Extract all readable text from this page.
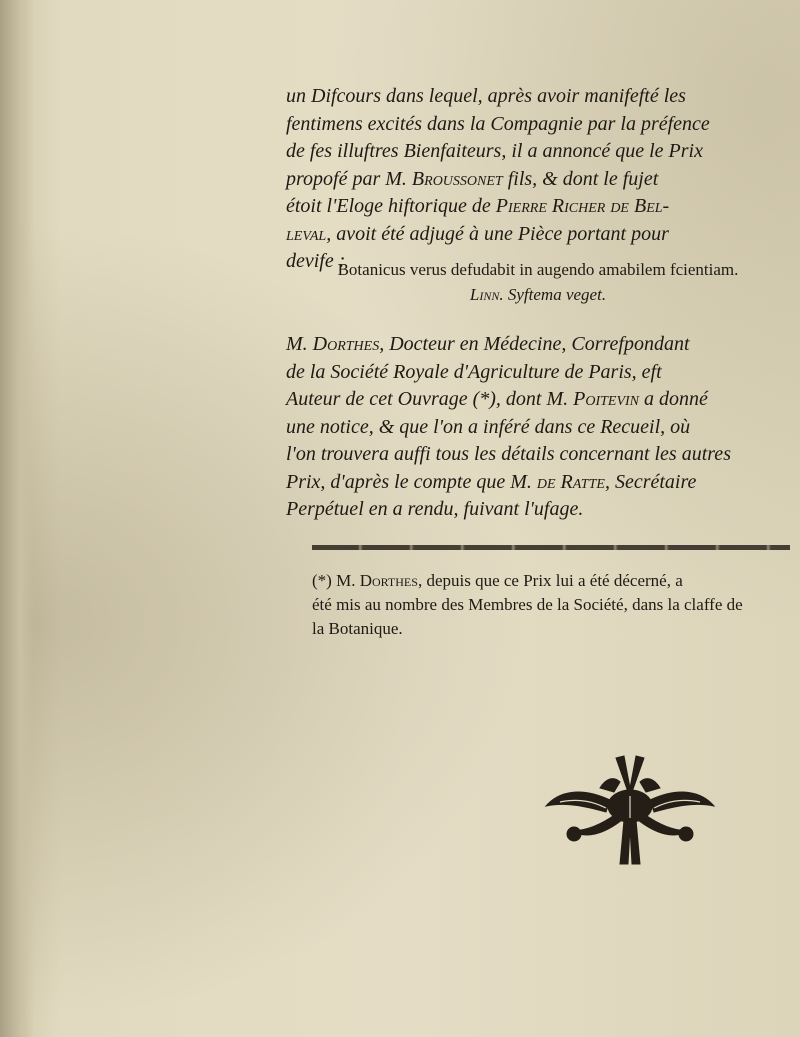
un Difcours dans lequel, après avoir manifefté les
fentimens excités dans la Compagnie par la préfence
de fes illuftres Bienfaiteurs, il a annoncé que le Prix
propofé par M. Broussonet fils, & dont le fujet
étoit l'Eloge hiftorique de Pierre Richer de Bel-
leval, avoit été adjugé à une Pièce portant pour
devife :

Botanicus verus defudabit in augendo amabilem fcientiam.
Linn. Syftema veget.

M. Dorthes, Docteur en Médecine, Correfpondant
de la Société Royale d'Agriculture de Paris, eft
Auteur de cet Ouvrage (*), dont M. Poitevin a donné
une notice, & que l'on a inféré dans ce Recueil, où
l'on trouvera auffi tous les détails concernant les autres
Prix, d'après le compte que M. de Ratte, Secrétaire
Perpétuel en a rendu, fuivant l'ufage.

(*) M. Dorthes, depuis que ce Prix lui a été décerné, a
été mis au nombre des Membres de la Société, dans la claffe de
la Botanique.
